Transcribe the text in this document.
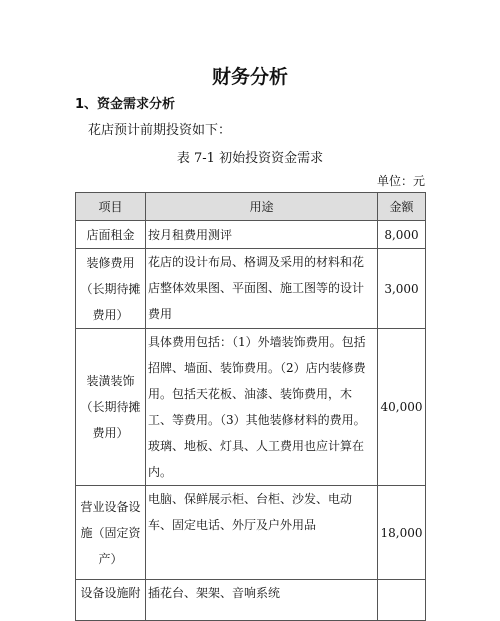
财务分析
1、资金需求分析
花店预计前期投资如下：
表 7-1 初始投资资金需求
单位：元
项目	用途	金额
店面租金	按月租费用测评	8,000
装修费用（长期待摊费用）	花店的设计布局、格调及采用的材料和花店整体效果图、平面图、施工图等的设计费用	3,000
装潢装饰（长期待摊费用）	具体费用包括：（1）外墙装饰费用。包括招牌、墙面、装饰费用。（2）店内装修费用。包括天花板、油漆、装饰费用，木工、等费用。（3）其他装修材料的费用。玻璃、地板、灯具、人工费用也应计算在内。	40,000
营业设备设施（固定资产）	电脑、保鲜展示柜、台柜、沙发、电动车、固定电话、外厅及户外用品	18,000
设备设施附	插花台、架架、音响系统	
